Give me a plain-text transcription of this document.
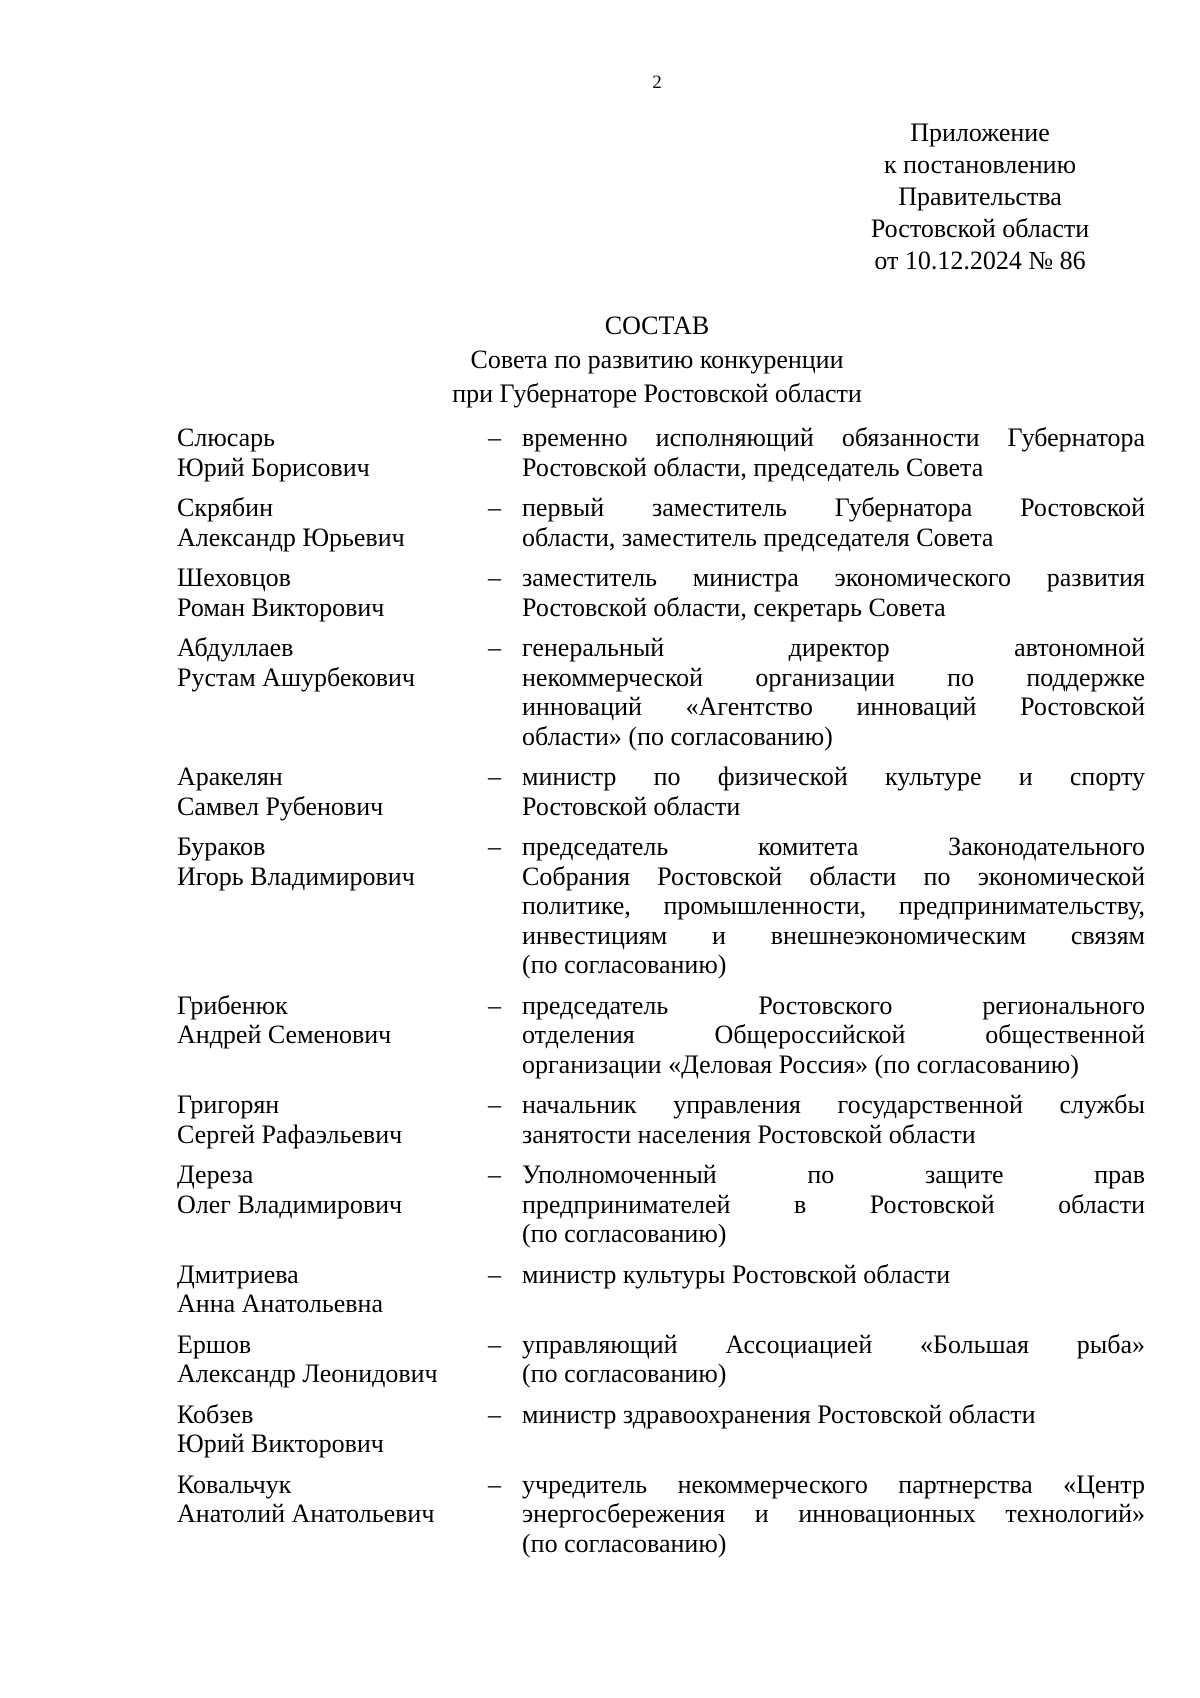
2
Приложение
к постановлению
Правительства
Ростовской области
от 10.12.2024 № 86
СОСТАВ
Совета по развитию конкуренции
при Губернаторе Ростовской области
Слюсарь
Юрий Борисович
– временно исполняющий обязанности Губернатора
Ростовской области, председатель Совета
Скрябин
Александр Юрьевич
– первый заместитель Губернатора Ростовской
области, заместитель председателя Совета
Шеховцов
Роман Викторович
– заместитель министра экономического развития
Ростовской области, секретарь Совета
Абдуллаев
Рустам Ашурбекович
– генеральный директор автономной
некоммерческой организации по поддержке
инноваций «Агентство инноваций Ростовской
области» (по согласованию)
Аракелян
Самвел Рубенович
– министр по физической культуре и спорту
Ростовской области
Бураков
Игорь Владимирович
– председатель комитета Законодательного
Собрания Ростовской области по экономической
политике, промышленности, предпринимательству,
инвестициям и внешнеэкономическим связям
(по согласованию)
Грибенюк
Андрей Семенович
– председатель Ростовского регионального
отделения Общероссийской общественной
организации «Деловая Россия» (по согласованию)
Григорян
Сергей Рафаэльевич
– начальник управления государственной службы
занятости населения Ростовской области
Дереза
Олег Владимирович
– Уполномоченный по защите прав
предпринимателей в Ростовской области
(по согласованию)
Дмитриева
Анна Анатольевна
– министр культуры Ростовской области
Ершов
Александр Леонидович
– управляющий Ассоциацией «Большая рыба»
(по согласованию)
Кобзев
Юрий Викторович
– министр здравоохранения Ростовской области
Ковальчук
Анатолий Анатольевич
– учредитель некоммерческого партнерства «Центр
энергосбережения и инновационных технологий»
(по согласованию)
